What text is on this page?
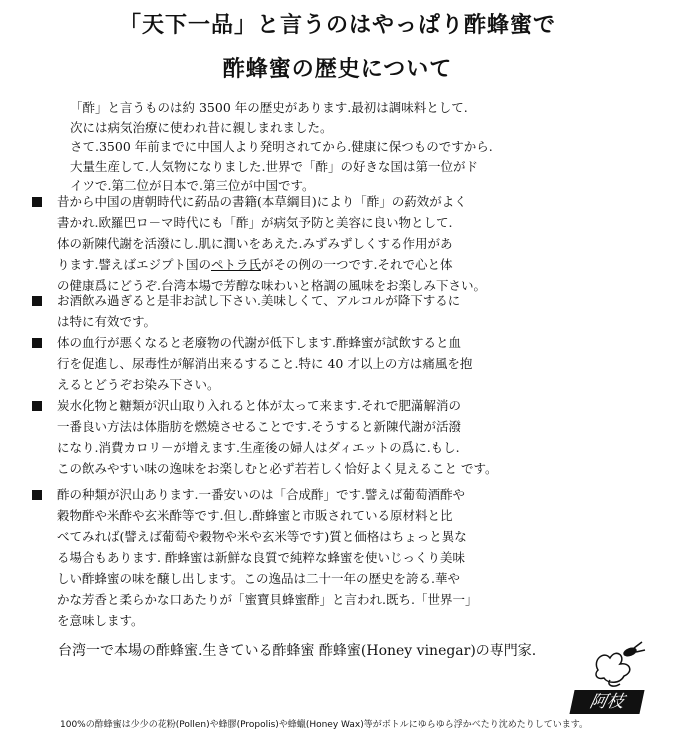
「天下一品」と言うのはやっぱり酢蜂蜜で
酢蜂蜜の歴史について
「酢」と言うものは約 3500 年の歴史があります.最初は調味料として.
次には病気治療に使われ昔に親しまれました。
さて.3500 年前までに中国人より発明されてから.健康に保つものですから.
大量生産して.人気物になりました.世界で「酢」の好きな国は第一位がド
イツで.第二位が日本で.第三位が中国です。
昔から中国の唐朝時代に葯品の書籍(本草綱目)により「酢」の葯效がよく
書かれ.欧羅巴ロ－マ時代にも「酢」が病気予防と美容に良い物として.
体の新陳代謝を活潑にし.肌に潤いをあえた.みずみずしくする作用があ
ります.譬えばエジプト国のペトラ氏がその例の一つです.それで心と体
の健康爲にどうぞ.台湾本場で芳醇な味わいと格調の風味をお楽しみ下さい。
お酒飲み過ぎると是非お試し下さい.美味しくて、アルコルが降下するに
は特に有效です。
体の血行が悪くなると老廢物の代謝が低下します.酢蜂蜜が試飲すると血
行を促進し、尿毒性が解消出来るすること.特に 40 才以上の方は痛風を抱
えるとどうぞお染み下さい。
炭水化物と糖類が沢山取り入れると体が太って来ます.それで肥滿解消の
一番良い方法は体脂肪を燃燒させることです.そうすると新陳代謝が活潑
になり.消費カロリ－が增えます.生產後の婦人はダィエットの爲に.もし.
この飲みやすい味の逸味をお楽しむと必ず若若しく恰好よく見えること です。
酢の种類が沢山あります.一番安いのは「合成酢」です.譬えば葡萄酒酢や
穀物酢や米酢や玄米酢等です.但し.酢蜂蜜と市販されている原材料と比
べてみれば(譬えば葡萄や穀物や米や玄米等です)質と価格はちょっと異な
る場合もあります. 酢蜂蜜は新鮮な良質で純粹な蜂蜜を使いじっくり美味
しい酢蜂蜜の味を醸し出します。この逸品は二十一年の歴史を誇る.華や
かな芳香と柔らかな口あたりが「蜜寶貝蜂蜜酢」と言われ.既ち.「世界一」
を意味します。
台湾一で本場の酢蜂蜜.生きている酢蜂蜜 酢蜂蜜(Honey vinegar)の専門家.
阿枝
100%の酢蜂蜜は少少の花粉(Pollen)や蜂膠(Propolis)や蜂蠟(Honey Wax)等がボトルにゆらゆら浮かべたり沈めたりしています。
